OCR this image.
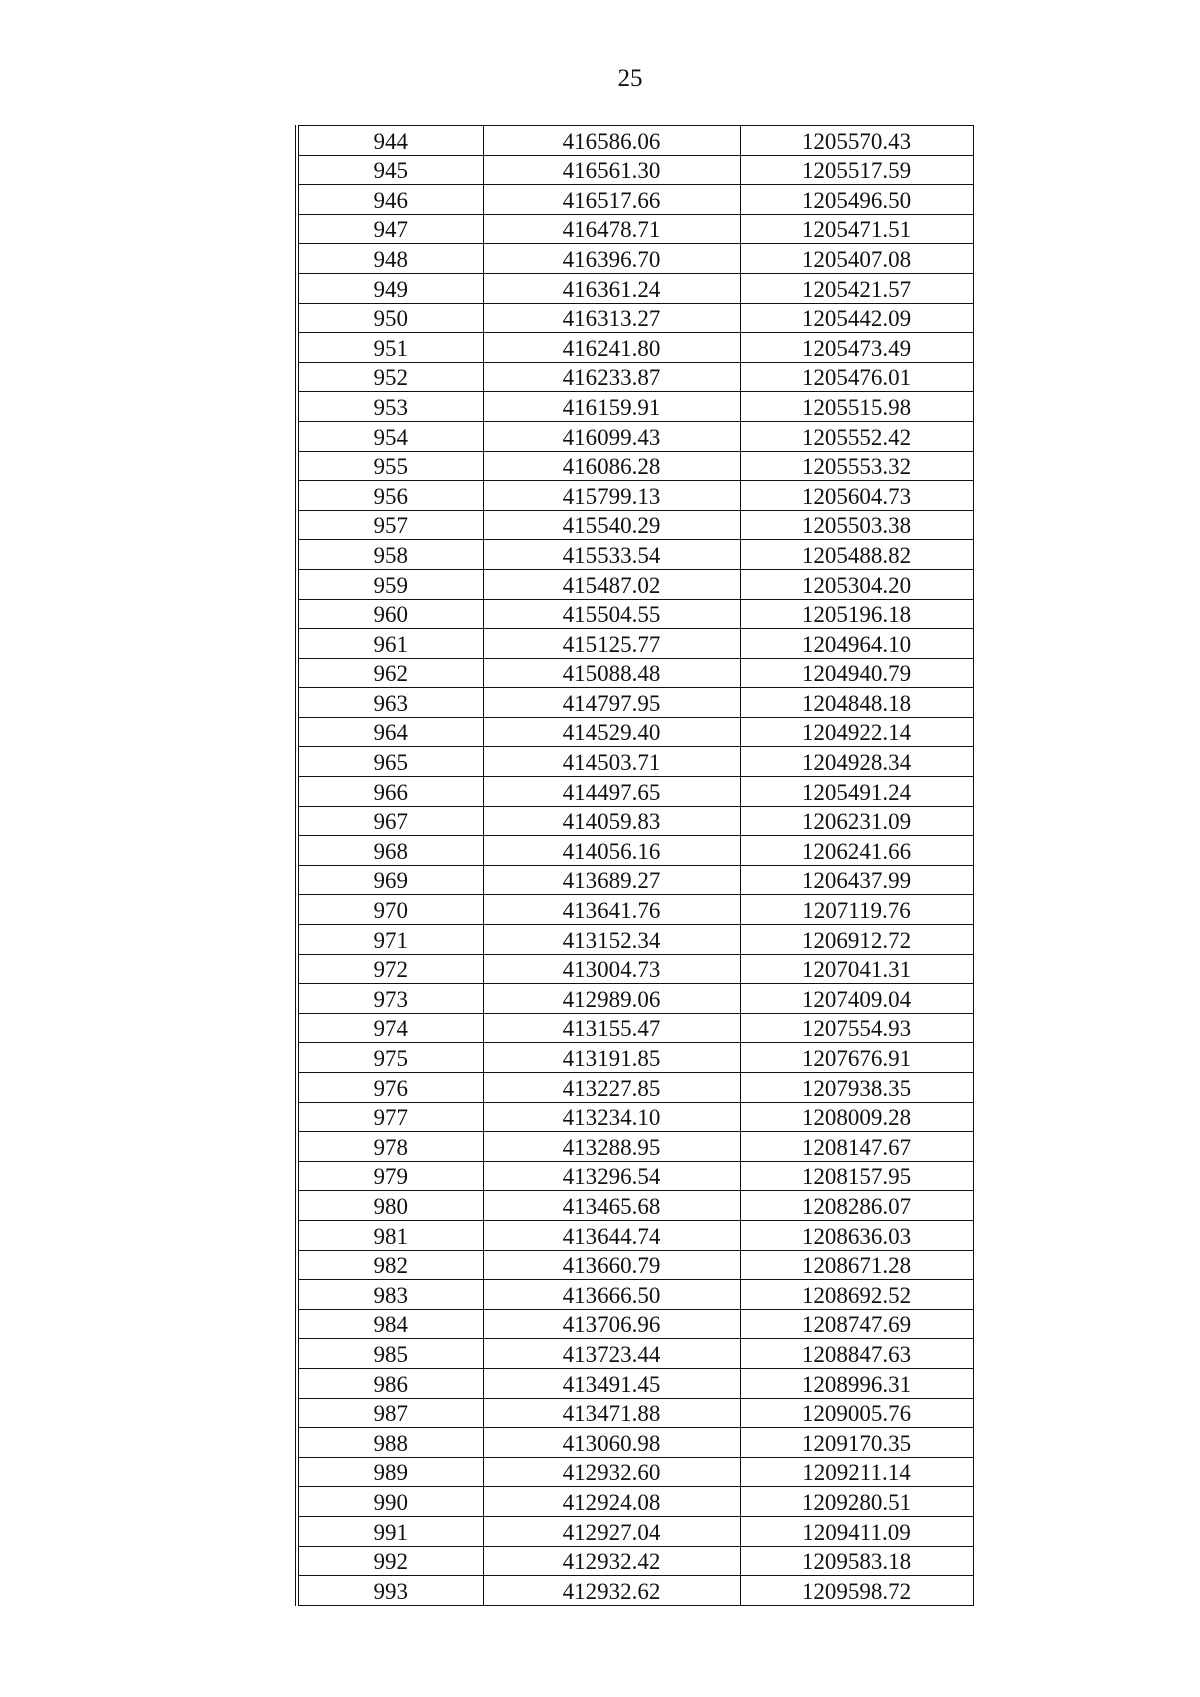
25
944	416586.06	1205570.43
945	416561.30	1205517.59
946	416517.66	1205496.50
947	416478.71	1205471.51
948	416396.70	1205407.08
949	416361.24	1205421.57
950	416313.27	1205442.09
951	416241.80	1205473.49
952	416233.87	1205476.01
953	416159.91	1205515.98
954	416099.43	1205552.42
955	416086.28	1205553.32
956	415799.13	1205604.73
957	415540.29	1205503.38
958	415533.54	1205488.82
959	415487.02	1205304.20
960	415504.55	1205196.18
961	415125.77	1204964.10
962	415088.48	1204940.79
963	414797.95	1204848.18
964	414529.40	1204922.14
965	414503.71	1204928.34
966	414497.65	1205491.24
967	414059.83	1206231.09
968	414056.16	1206241.66
969	413689.27	1206437.99
970	413641.76	1207119.76
971	413152.34	1206912.72
972	413004.73	1207041.31
973	412989.06	1207409.04
974	413155.47	1207554.93
975	413191.85	1207676.91
976	413227.85	1207938.35
977	413234.10	1208009.28
978	413288.95	1208147.67
979	413296.54	1208157.95
980	413465.68	1208286.07
981	413644.74	1208636.03
982	413660.79	1208671.28
983	413666.50	1208692.52
984	413706.96	1208747.69
985	413723.44	1208847.63
986	413491.45	1208996.31
987	413471.88	1209005.76
988	413060.98	1209170.35
989	412932.60	1209211.14
990	412924.08	1209280.51
991	412927.04	1209411.09
992	412932.42	1209583.18
993	412932.62	1209598.72
